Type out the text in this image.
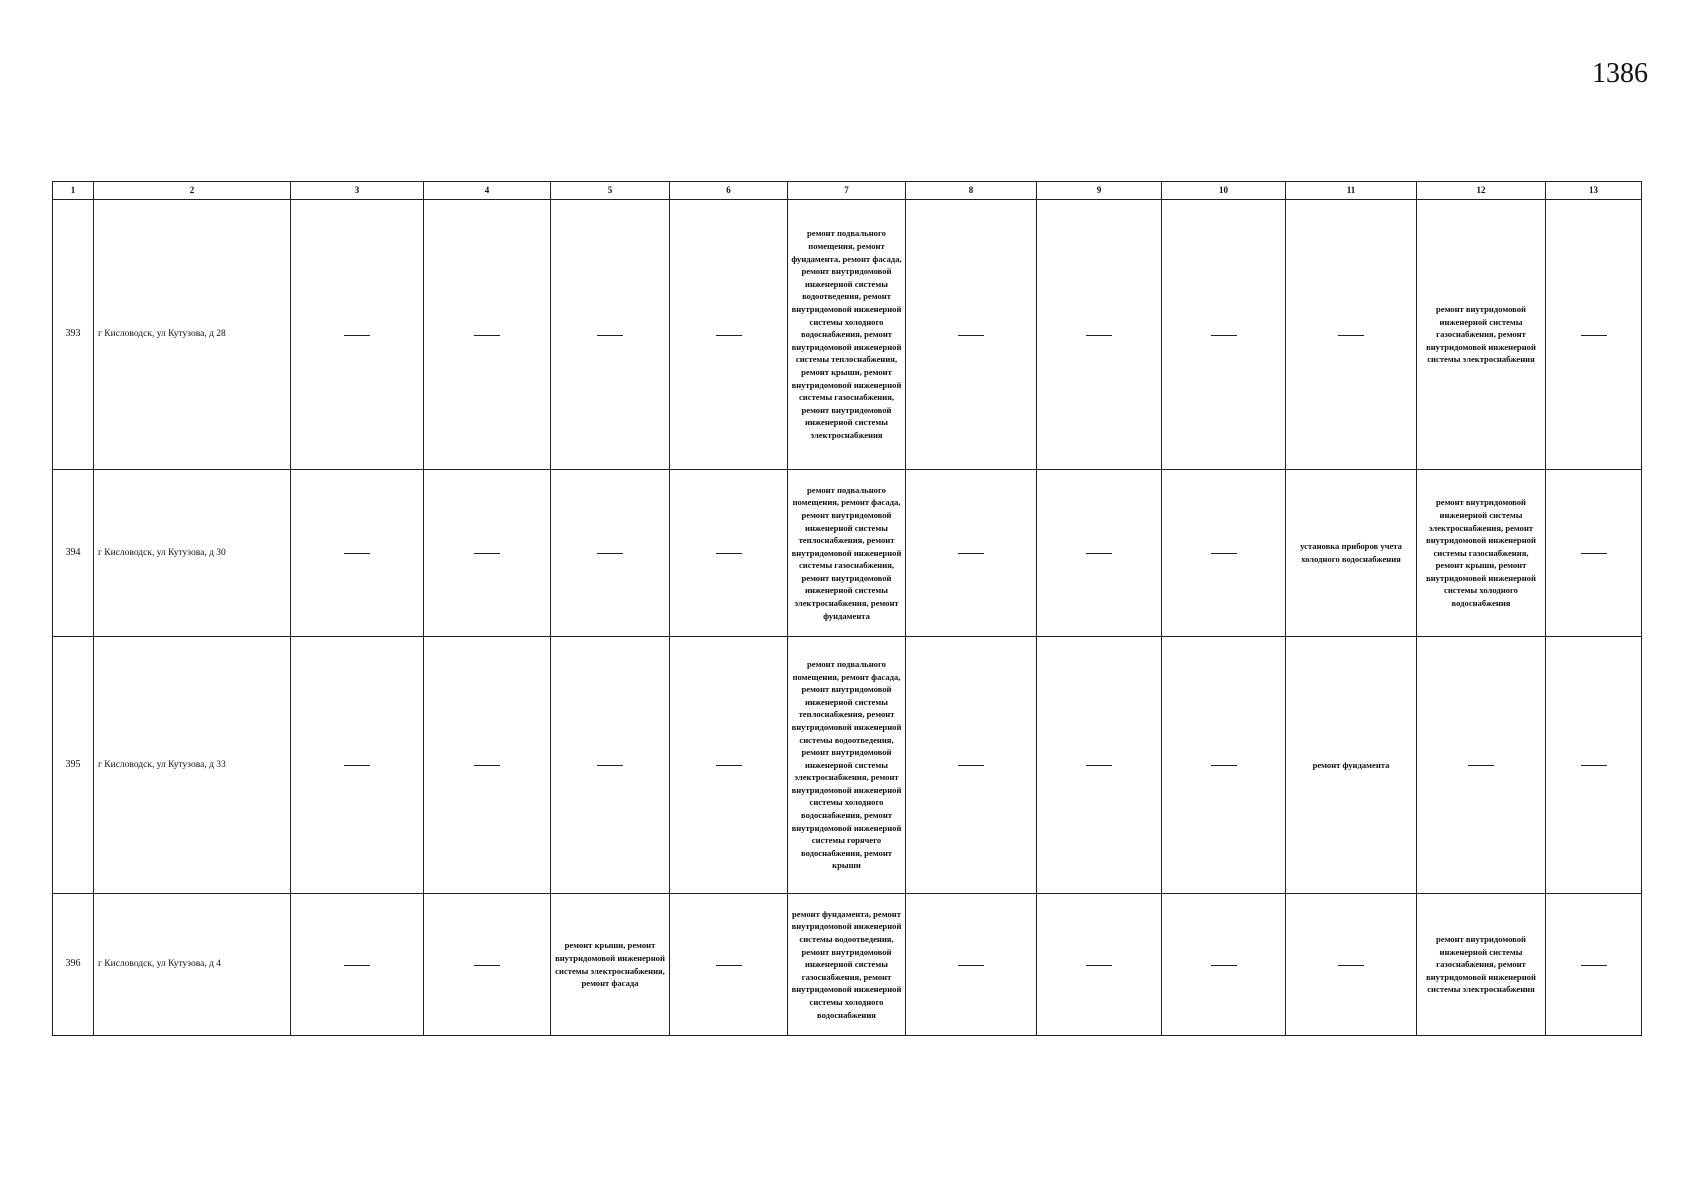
1386
1	2	3	4	5	6	7	8	9	10	11	12	13
393	г Кисловодск, ул Кутузова, д 28					ремонт подвального помещения, ремонт фундамента, ремонт фасада, ремонт внутридомовой инженерной системы водоотведения, ремонт внутридомовой инженерной системы холодного водоснабжения, ремонт внутридомовой инженерной системы теплоснабжения, ремонт крыши, ремонт внутридомовой инженерной системы газоснабжения, ремонт внутридомовой инженерной системы электроснабжения					ремонт внутридомовой инженерной системы газоснабжения, ремонт внутридомовой инженерной системы электроснабжения	
394	г Кисловодск, ул Кутузова, д 30					ремонт подвального помещения, ремонт фасада, ремонт внутридомовой инженерной системы теплоснабжения, ремонт внутридомовой инженерной системы газоснабжения, ремонт внутридомовой инженерной системы электроснабжения, ремонт фундамента				установка приборов учета холодного водоснабжения	ремонт внутридомовой инженерной системы электроснабжения, ремонт внутридомовой инженерной системы газоснабжения, ремонт крыши, ремонт внутридомовой инженерной системы холодного водоснабжения	
395	г Кисловодск, ул Кутузова, д 33					ремонт подвального помещения, ремонт фасада, ремонт внутридомовой инженерной системы теплоснабжения, ремонт внутридомовой инженерной системы водоотведения, ремонт внутридомовой инженерной системы электроснабжения, ремонт внутридомовой инженерной системы холодного водоснабжения, ремонт внутридомовой инженерной системы горячего водоснабжения, ремонт крыши				ремонт фундамента		
396	г Кисловодск, ул Кутузова, д 4			ремонт крыши, ремонт внутридомовой инженерной системы электроснабжения, ремонт фасада		ремонт фундамента, ремонт внутридомовой инженерной системы водоотведения, ремонт внутридомовой инженерной системы газоснабжения, ремонт внутридомовой инженерной системы холодного водоснабжения					ремонт внутридомовой инженерной системы газоснабжения, ремонт внутридомовой инженерной системы электроснабжения	
